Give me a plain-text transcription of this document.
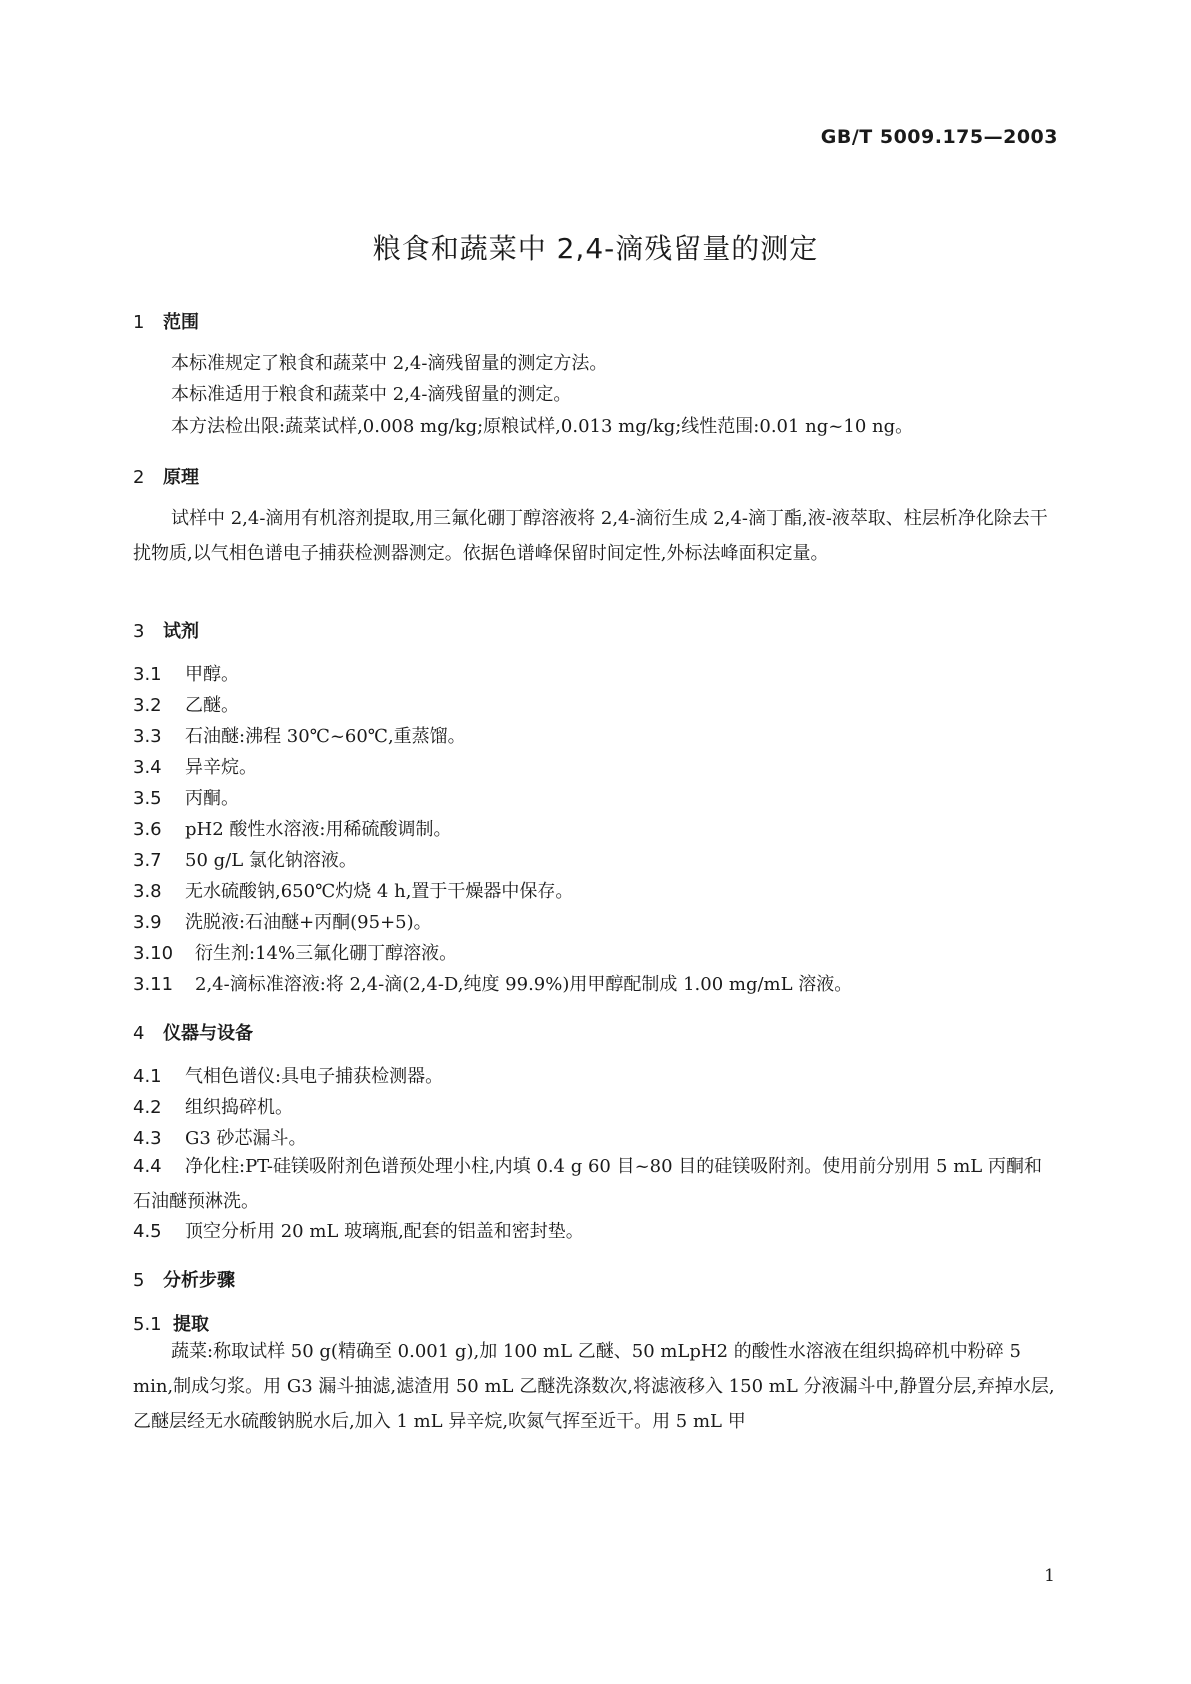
GB/T 5009.175—2003
粮食和蔬菜中 2,4-滴残留量的测定
1 范围
本标准规定了粮食和蔬菜中 2,4-滴残留量的测定方法。
本标准适用于粮食和蔬菜中 2,4-滴残留量的测定。
本方法检出限:蔬菜试样,0.008 mg/kg;原粮试样,0.013 mg/kg;线性范围:0.01 ng~10 ng。
2 原理
试样中 2,4-滴用有机溶剂提取,用三氟化硼丁醇溶液将 2,4-滴衍生成 2,4-滴丁酯,液-液萃取、柱层析净化除去干扰物质,以气相色谱电子捕获检测器测定。依据色谱峰保留时间定性,外标法峰面积定量。
3 试剂
3.1 甲醇。
3.2 乙醚。
3.3 石油醚:沸程 30℃~60℃,重蒸馏。
3.4 异辛烷。
3.5 丙酮。
3.6 pH2 酸性水溶液:用稀硫酸调制。
3.7 50 g/L 氯化钠溶液。
3.8 无水硫酸钠,650℃灼烧 4 h,置于干燥器中保存。
3.9 洗脱液:石油醚+丙酮(95+5)。
3.10 衍生剂:14%三氟化硼丁醇溶液。
3.11 2,4-滴标准溶液:将 2,4-滴(2,4-D,纯度 99.9%)用甲醇配制成 1.00 mg/mL 溶液。
4 仪器与设备
4.1 气相色谱仪:具电子捕获检测器。
4.2 组织捣碎机。
4.3 G3 砂芯漏斗。
4.4 净化柱:PT-硅镁吸附剂色谱预处理小柱,内填 0.4 g 60 目~80 目的硅镁吸附剂。使用前分别用 5 mL 丙酮和石油醚预淋洗。
4.5 顶空分析用 20 mL 玻璃瓶,配套的铝盖和密封垫。
5 分析步骤
5.1 提取
蔬菜:称取试样 50 g(精确至 0.001 g),加 100 mL 乙醚、50 mLpH2 的酸性水溶液在组织捣碎机中粉碎 5 min,制成匀浆。用 G3 漏斗抽滤,滤渣用 50 mL 乙醚洗涤数次,将滤液移入 150 mL 分液漏斗中,静置分层,弃掉水层,乙醚层经无水硫酸钠脱水后,加入 1 mL 异辛烷,吹氮气挥至近干。用 5 mL 甲
1
